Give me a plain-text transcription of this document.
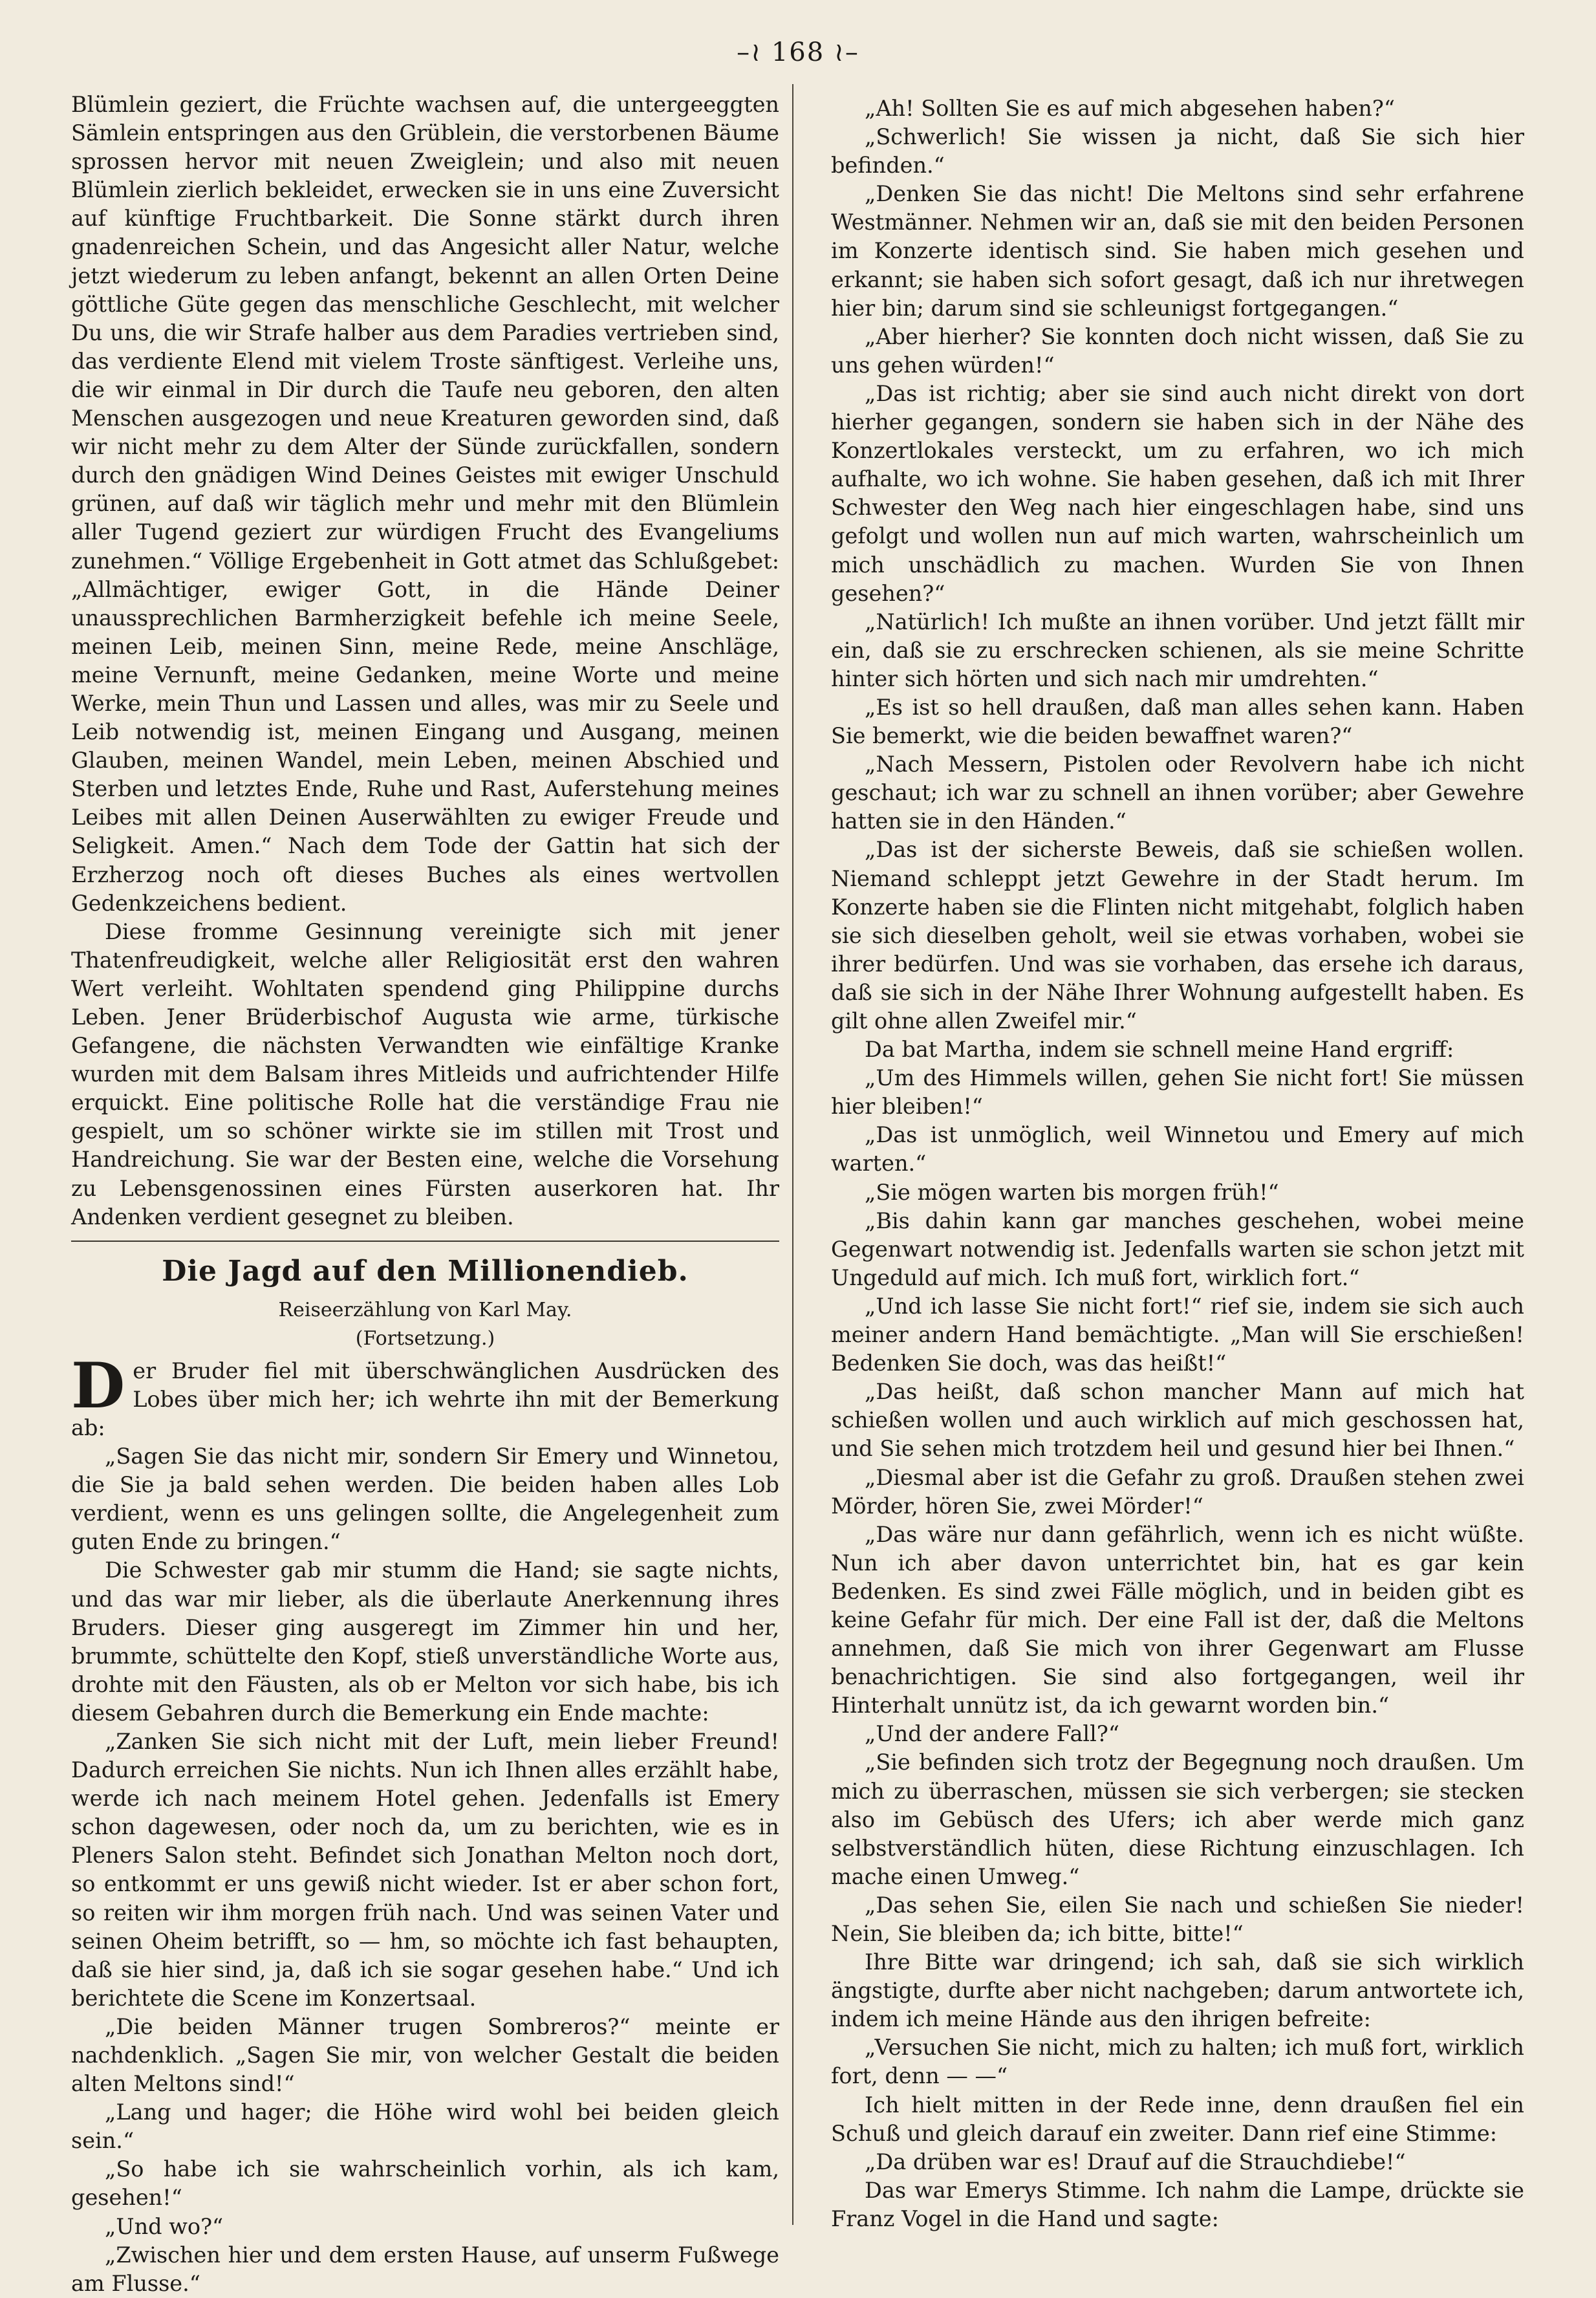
–≀ 168 ≀–

Blümlein geziert, die Früchte wachsen auf, die untergeeggten Sämlein entspringen aus den Grüblein, die verstorbenen Bäume sprossen hervor mit neuen Zweiglein; und also mit neuen Blümlein zierlich bekleidet, erwecken sie in uns eine Zuversicht auf künftige Fruchtbarkeit. Die Sonne stärkt durch ihren gnadenreichen Schein, und das Angesicht aller Natur, welche jetzt wiederum zu leben anfangt, bekennt an allen Orten Deine göttliche Güte gegen das menschliche Geschlecht, mit welcher Du uns, die wir Strafe halber aus dem Paradies vertrieben sind, das verdiente Elend mit vielem Troste sänftigest. Verleihe uns, die wir einmal in Dir durch die Taufe neu geboren, den alten Menschen ausgezogen und neue Kreaturen geworden sind, daß wir nicht mehr zu dem Alter der Sünde zurückfallen, sondern durch den gnädigen Wind Deines Geistes mit ewiger Unschuld grünen, auf daß wir täglich mehr und mehr mit den Blümlein aller Tugend geziert zur würdigen Frucht des Evangeliums zunehmen.“ Völlige Ergebenheit in Gott atmet das Schlußgebet: „Allmächtiger, ewiger Gott, in die Hände Deiner unaussprechlichen Barmherzigkeit befehle ich meine Seele, meinen Leib, meinen Sinn, meine Rede, meine Anschläge, meine Vernunft, meine Gedanken, meine Worte und meine Werke, mein Thun und Lassen und alles, was mir zu Seele und Leib notwendig ist, meinen Eingang und Ausgang, meinen Glauben, meinen Wandel, mein Leben, meinen Abschied und Sterben und letztes Ende, Ruhe und Rast, Auferstehung meines Leibes mit allen Deinen Auserwählten zu ewiger Freude und Seligkeit. Amen.“ Nach dem Tode der Gattin hat sich der Erzherzog noch oft dieses Buches als eines wertvollen Gedenkzeichens bedient.

Diese fromme Gesinnung vereinigte sich mit jener Thatenfreudigkeit, welche aller Religiosität erst den wahren Wert verleiht. Wohltaten spendend ging Philippine durchs Leben. Jener Brüderbischof Augusta wie arme, türkische Gefangene, die nächsten Verwandten wie einfältige Kranke wurden mit dem Balsam ihres Mitleids und aufrichtender Hilfe erquickt. Eine politische Rolle hat die verständige Frau nie gespielt, um so schöner wirkte sie im stillen mit Trost und Handreichung. Sie war der Besten eine, welche die Vorsehung zu Lebensgenossinen eines Fürsten auserkoren hat. Ihr Andenken verdient gesegnet zu bleiben.

Die Jagd auf den Millionendieb.
Reiseerzählung von Karl May.
(Fortsetzung.)

Der Bruder fiel mit überschwänglichen Ausdrücken des Lobes über mich her; ich wehrte ihn mit der Bemerkung ab:

„Sagen Sie das nicht mir, sondern Sir Emery und Winnetou, die Sie ja bald sehen werden. Die beiden haben alles Lob verdient, wenn es uns gelingen sollte, die Angelegenheit zum guten Ende zu bringen.“

Die Schwester gab mir stumm die Hand; sie sagte nichts, und das war mir lieber, als die überlaute Anerkennung ihres Bruders. Dieser ging ausgeregt im Zimmer hin und her, brummte, schüttelte den Kopf, stieß unverständliche Worte aus, drohte mit den Fäusten, als ob er Melton vor sich habe, bis ich diesem Gebahren durch die Bemerkung ein Ende machte:

„Zanken Sie sich nicht mit der Luft, mein lieber Freund! Dadurch erreichen Sie nichts. Nun ich Ihnen alles erzählt habe, werde ich nach meinem Hotel gehen. Jedenfalls ist Emery schon dagewesen, oder noch da, um zu berichten, wie es in Pleners Salon steht. Befindet sich Jonathan Melton noch dort, so entkommt er uns gewiß nicht wieder. Ist er aber schon fort, so reiten wir ihm morgen früh nach. Und was seinen Vater und seinen Oheim betrifft, so — hm, so möchte ich fast behaupten, daß sie hier sind, ja, daß ich sie sogar gesehen habe.“ Und ich berichtete die Scene im Konzertsaal.

„Die beiden Männer trugen Sombreros?“ meinte er nachdenklich. „Sagen Sie mir, von welcher Gestalt die beiden alten Meltons sind!“

„Lang und hager; die Höhe wird wohl bei beiden gleich sein.“

„So habe ich sie wahrscheinlich vorhin, als ich kam, gesehen!“

„Und wo?“

„Zwischen hier und dem ersten Hause, auf unserm Fußwege am Flusse.“

„Ah! Sollten Sie es auf mich abgesehen haben?“

„Schwerlich! Sie wissen ja nicht, daß Sie sich hier befinden.“

„Denken Sie das nicht! Die Meltons sind sehr erfahrene Westmänner. Nehmen wir an, daß sie mit den beiden Personen im Konzerte identisch sind. Sie haben mich gesehen und erkannt; sie haben sich sofort gesagt, daß ich nur ihretwegen hier bin; darum sind sie schleunigst fortgegangen.“

„Aber hierher? Sie konnten doch nicht wissen, daß Sie zu uns gehen würden!“

„Das ist richtig; aber sie sind auch nicht direkt von dort hierher gegangen, sondern sie haben sich in der Nähe des Konzertlokales versteckt, um zu erfahren, wo ich mich aufhalte, wo ich wohne. Sie haben gesehen, daß ich mit Ihrer Schwester den Weg nach hier eingeschlagen habe, sind uns gefolgt und wollen nun auf mich warten, wahrscheinlich um mich unschädlich zu machen. Wurden Sie von Ihnen gesehen?“

„Natürlich! Ich mußte an ihnen vorüber. Und jetzt fällt mir ein, daß sie zu erschrecken schienen, als sie meine Schritte hinter sich hörten und sich nach mir umdrehten.“

„Es ist so hell draußen, daß man alles sehen kann. Haben Sie bemerkt, wie die beiden bewaffnet waren?“

„Nach Messern, Pistolen oder Revolvern habe ich nicht geschaut; ich war zu schnell an ihnen vorüber; aber Gewehre hatten sie in den Händen.“

„Das ist der sicherste Beweis, daß sie schießen wollen. Niemand schleppt jetzt Gewehre in der Stadt herum. Im Konzerte haben sie die Flinten nicht mitgehabt, folglich haben sie sich dieselben geholt, weil sie etwas vorhaben, wobei sie ihrer bedürfen. Und was sie vorhaben, das ersehe ich daraus, daß sie sich in der Nähe Ihrer Wohnung aufgestellt haben. Es gilt ohne allen Zweifel mir.“

Da bat Martha, indem sie schnell meine Hand ergriff:

„Um des Himmels willen, gehen Sie nicht fort! Sie müssen hier bleiben!“

„Das ist unmöglich, weil Winnetou und Emery auf mich warten.“

„Sie mögen warten bis morgen früh!“

„Bis dahin kann gar manches geschehen, wobei meine Gegenwart notwendig ist. Jedenfalls warten sie schon jetzt mit Ungeduld auf mich. Ich muß fort, wirklich fort.“

„Und ich lasse Sie nicht fort!“ rief sie, indem sie sich auch meiner andern Hand bemächtigte. „Man will Sie erschießen! Bedenken Sie doch, was das heißt!“

„Das heißt, daß schon mancher Mann auf mich hat schießen wollen und auch wirklich auf mich geschossen hat, und Sie sehen mich trotzdem heil und gesund hier bei Ihnen.“

„Diesmal aber ist die Gefahr zu groß. Draußen stehen zwei Mörder, hören Sie, zwei Mörder!“

„Das wäre nur dann gefährlich, wenn ich es nicht wüßte. Nun ich aber davon unterrichtet bin, hat es gar kein Bedenken. Es sind zwei Fälle möglich, und in beiden gibt es keine Gefahr für mich. Der eine Fall ist der, daß die Meltons annehmen, daß Sie mich von ihrer Gegenwart am Flusse benachrichtigen. Sie sind also fortgegangen, weil ihr Hinterhalt unnütz ist, da ich gewarnt worden bin.“

„Und der andere Fall?“

„Sie befinden sich trotz der Begegnung noch draußen. Um mich zu überraschen, müssen sie sich verbergen; sie stecken also im Gebüsch des Ufers; ich aber werde mich ganz selbstverständlich hüten, diese Richtung einzuschlagen. Ich mache einen Umweg.“

„Das sehen Sie, eilen Sie nach und schießen Sie nieder! Nein, Sie bleiben da; ich bitte, bitte!“

Ihre Bitte war dringend; ich sah, daß sie sich wirklich ängstigte, durfte aber nicht nachgeben; darum antwortete ich, indem ich meine Hände aus den ihrigen befreite:

„Versuchen Sie nicht, mich zu halten; ich muß fort, wirklich fort, denn — —“

Ich hielt mitten in der Rede inne, denn draußen fiel ein Schuß und gleich darauf ein zweiter. Dann rief eine Stimme:

„Da drüben war es! Drauf auf die Strauchdiebe!“

Das war Emerys Stimme. Ich nahm die Lampe, drückte sie Franz Vogel in die Hand und sagte:
